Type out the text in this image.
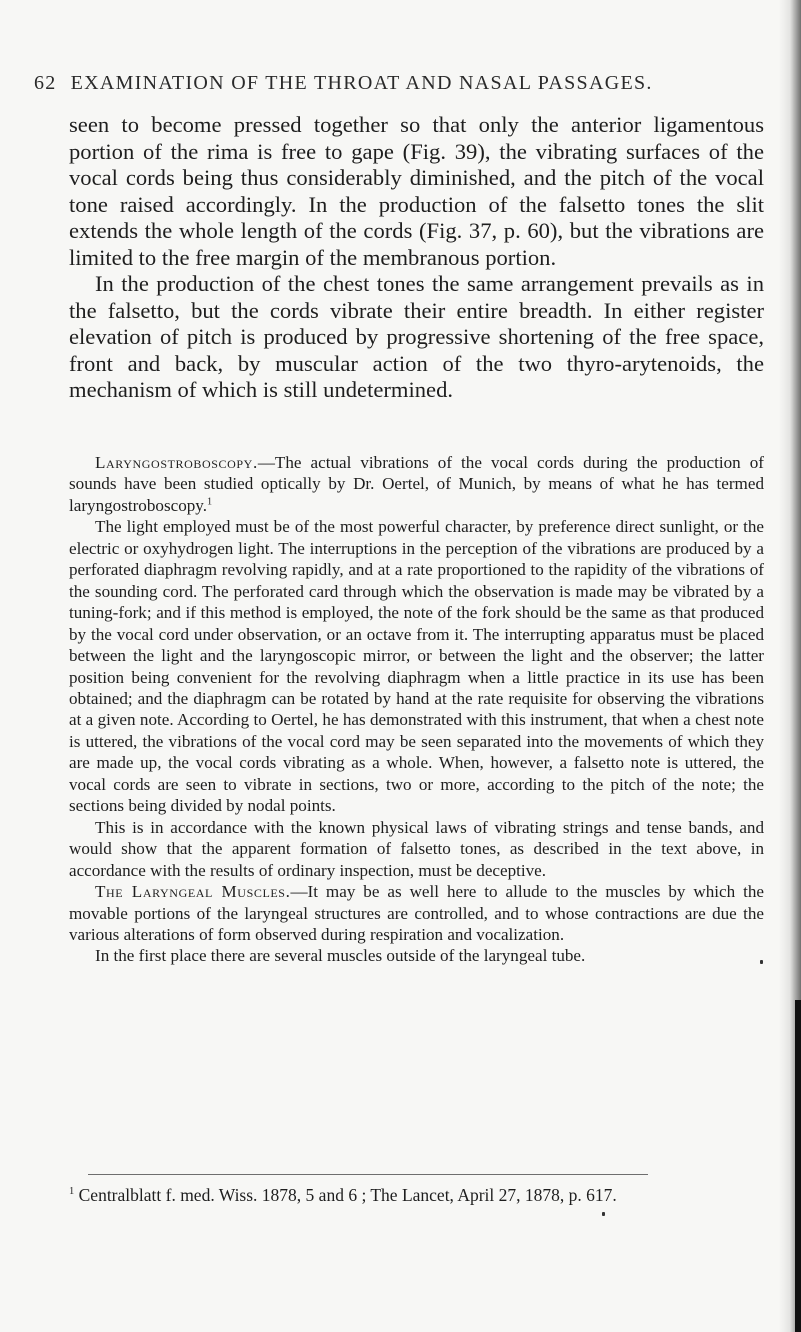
62 EXAMINATION OF THE THROAT AND NASAL PASSAGES.

seen to become pressed together so that only the anterior ligamentous portion of the rima is free to gape (Fig. 39), the vibrating surfaces of the vocal cords being thus considerably diminished, and the pitch of the vocal tone raised accordingly. In the production of the falsetto tones the slit extends the whole length of the cords (Fig. 37, p. 60), but the vibrations are limited to the free margin of the membranous portion.

In the production of the chest tones the same arrangement prevails as in the falsetto, but the cords vibrate their entire breadth. In either register elevation of pitch is produced by progressive shortening of the free space, front and back, by muscular action of the two thyro-arytenoids, the mechanism of which is still undetermined.

Laryngostroboscopy.—The actual vibrations of the vocal cords during the production of sounds have been studied optically by Dr. Oertel, of Munich, by means of what he has termed laryngostroboscopy.$^1$

The light employed must be of the most powerful character, by preference direct sunlight, or the electric or oxyhydrogen light. The interruptions in the perception of the vibrations are produced by a perforated diaphragm revolving rapidly, and at a rate proportioned to the rapidity of the vibrations of the sounding cord. The perforated card through which the observation is made may be vibrated by a tuning-fork; and if this method is employed, the note of the fork should be the same as that produced by the vocal cord under observation, or an octave from it. The interrupting apparatus must be placed between the light and the laryngoscopic mirror, or between the light and the observer; the latter position being convenient for the revolving diaphragm when a little practice in its use has been obtained; and the diaphragm can be rotated by hand at the rate requisite for observing the vibrations at a given note. According to Oertel, he has demonstrated with this instrument, that when a chest note is uttered, the vibrations of the vocal cord may be seen separated into the movements of which they are made up, the vocal cords vibrating as a whole. When, however, a falsetto note is uttered, the vocal cords are seen to vibrate in sections, two or more, according to the pitch of the note; the sections being divided by nodal points.

This is in accordance with the known physical laws of vibrating strings and tense bands, and would show that the apparent formation of falsetto tones, as described in the text above, in accordance with the results of ordinary inspection, must be deceptive.

The Laryngeal Muscles.—It may be as well here to allude to the muscles by which the movable portions of the laryngeal structures are controlled, and to whose contractions are due the various alterations of form observed during respiration and vocalization.

In the first place there are several muscles outside of the laryngeal tube.

$^1$ Centralblatt f. med. Wiss. 1878, 5 and 6 ; The Lancet, April 27, 1878, p. 617.
